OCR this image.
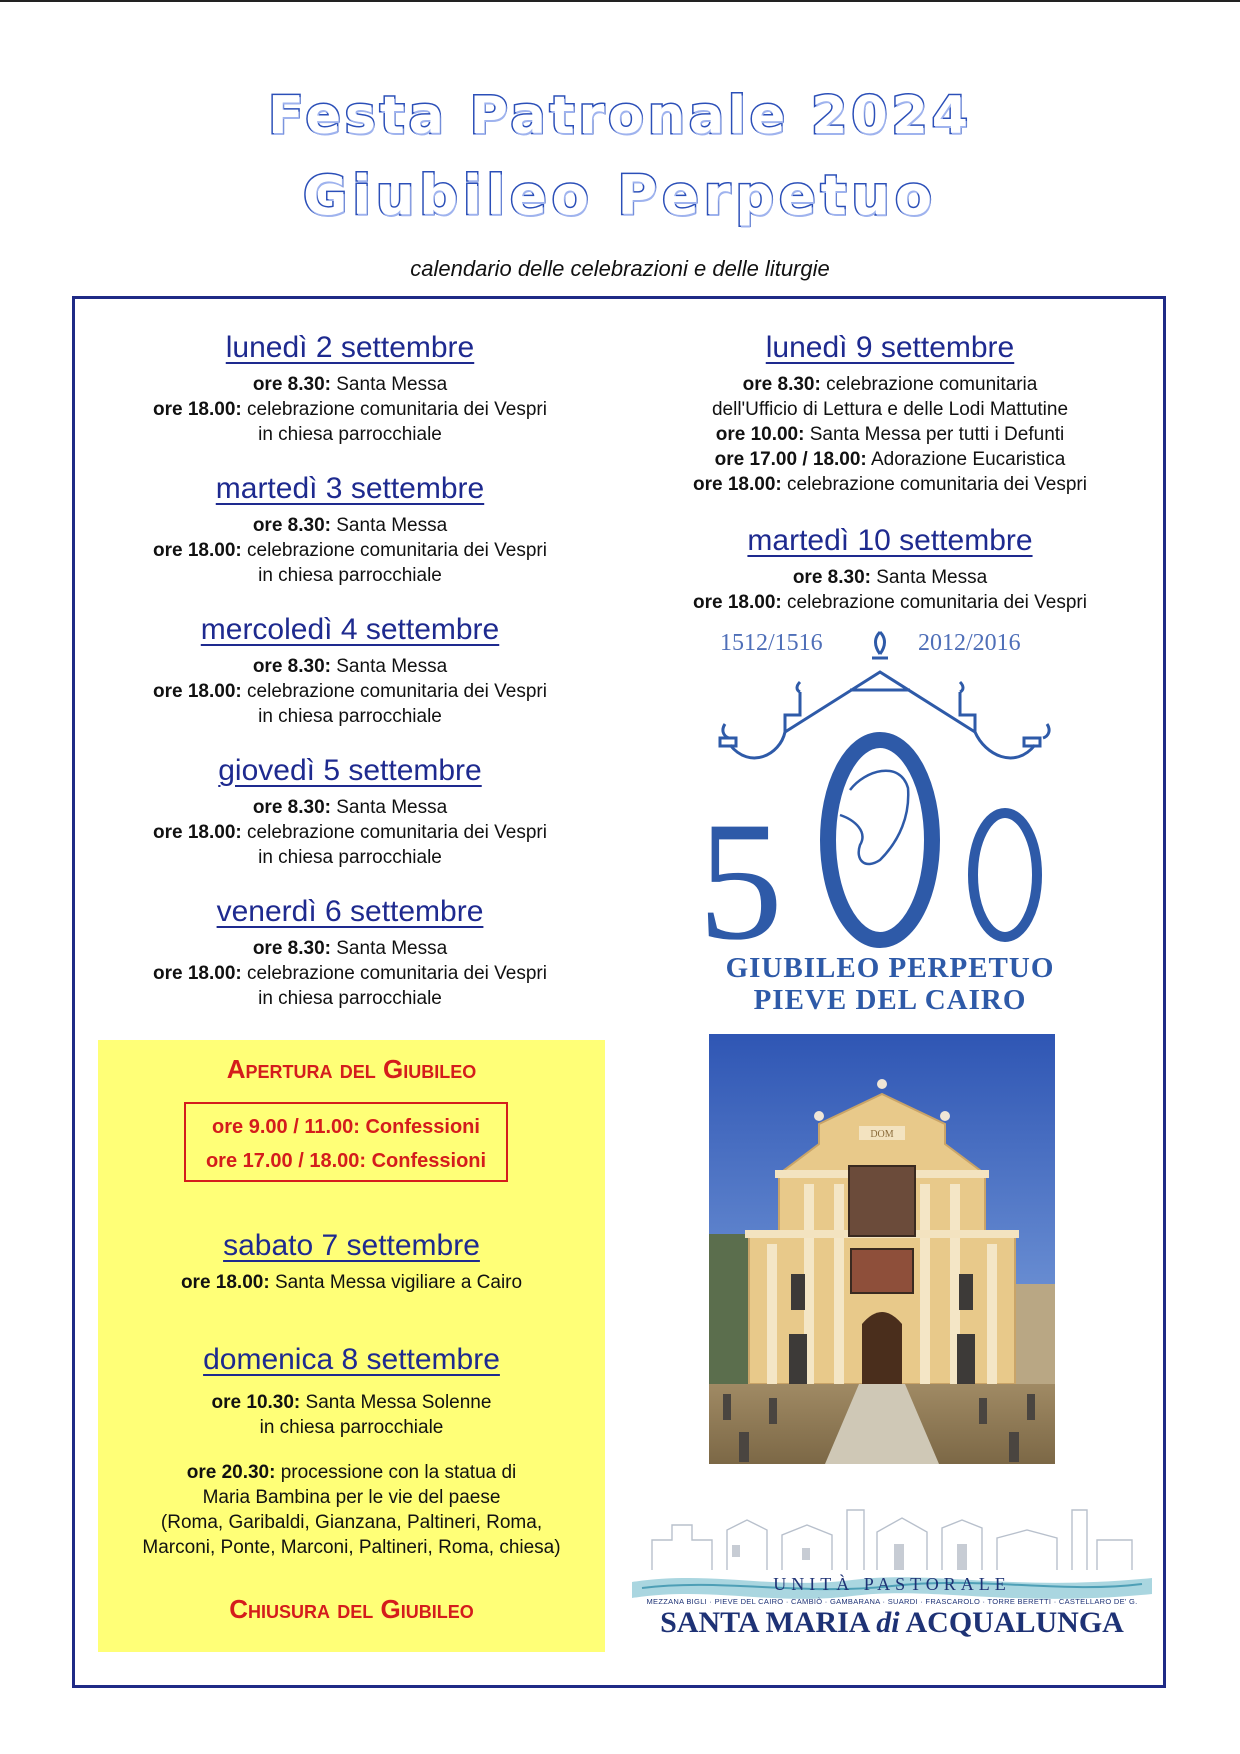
Festa Patronale 2024
Giubileo Perpetuo
calendario delle celebrazioni e delle liturgie
lunedì 2 settembre
ore 8.30: Santa Messa
ore 18.00: celebrazione comunitaria dei Vespri
in chiesa parrocchiale
martedì 3 settembre
ore 8.30: Santa Messa
ore 18.00: celebrazione comunitaria dei Vespri
in chiesa parrocchiale
mercoledì 4 settembre
ore 8.30: Santa Messa
ore 18.00: celebrazione comunitaria dei Vespri
in chiesa parrocchiale
giovedì 5 settembre
ore 8.30: Santa Messa
ore 18.00: celebrazione comunitaria dei Vespri
in chiesa parrocchiale
venerdì 6 settembre
ore 8.30: Santa Messa
ore 18.00: celebrazione comunitaria dei Vespri
in chiesa parrocchiale
Apertura del Giubileo
ore 9.00 / 11.00: Confessioni
ore 17.00 / 18.00: Confessioni
sabato 7 settembre
ore 18.00: Santa Messa vigiliare a Cairo
domenica 8 settembre
ore 10.30: Santa Messa Solenne
in chiesa parrocchiale
ore 20.30: processione con la statua di
Maria Bambina per le vie del paese
(Roma, Garibaldi, Gianzana, Paltineri, Roma,
Marconi, Ponte, Marconi, Paltineri, Roma, chiesa)
Chiusura del Giubileo
lunedì 9 settembre
ore 8.30: celebrazione comunitaria
dell'Ufficio di Lettura e delle Lodi Mattutine
ore 10.00: Santa Messa per tutti i Defunti
ore 17.00 / 18.00: Adorazione Eucaristica
ore 18.00: celebrazione comunitaria dei Vespri
martedì 10 settembre
ore 8.30: Santa Messa
ore 18.00: celebrazione comunitaria dei Vespri
1512/1516	2012/2016
5
GIUBILEO PERPETUO
PIEVE DEL CAIRO
DOM
UNITÀ PASTORALE
MEZZANA BIGLI · PIEVE DEL CAIRO · CAMBIÒ · GAMBARANA · SUARDI · FRASCAROLO · TORRE BERETTI · CASTELLARO DE' G.
SANTA MARIA di ACQUALUNGA
